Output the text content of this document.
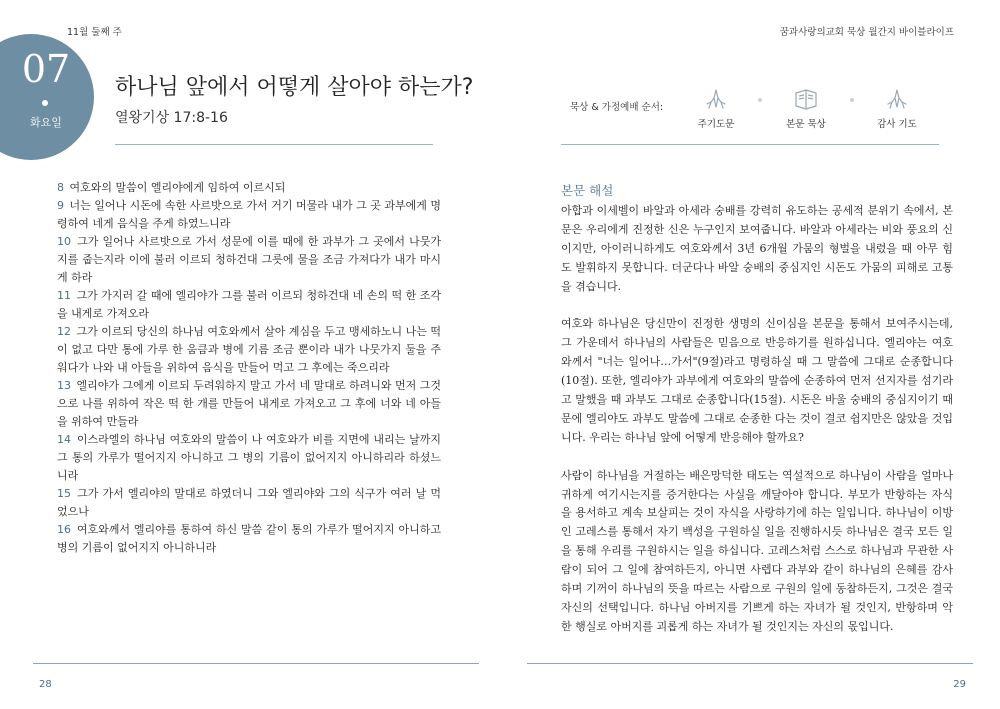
11월 둘째 주	꿈과사랑의교회 묵상 월간지 바이블라이프
07
화요일
하나님 앞에서 어떻게 살아야 하는가?
열왕기상 17:8-16
묵상 & 가정예배 순서:
주기도문	본문 묵상	감사 기도

8 여호와의 말씀이 엘리야에게 임하여 이르시되

9 너는 일어나 시돈에 속한 사르밧으로 가서 거기 머물라 내가 그 곳 과부에게 명령하여 네게 음식을 주게 하였느니라

10 그가 일어나 사르밧으로 가서 성문에 이를 때에 한 과부가 그 곳에서 나뭇가지를 줍는지라 이에 불러 이르되 청하건대 그릇에 물을 조금 가져다가 내가 마시게 하라

11 그가 가지러 갈 때에 엘리야가 그를 불러 이르되 청하건대 네 손의 떡 한 조각을 내게로 가져오라

12 그가 이르되 당신의 하나님 여호와께서 살아 계심을 두고 맹세하노니 나는 떡이 없고 다만 통에 가루 한 움큼과 병에 기름 조금 뿐이라 내가 나뭇가지 둘을 주워다가 나와 내 아들을 위하여 음식을 만들어 먹고 그 후에는 죽으리라

13 엘리야가 그에게 이르되 두려워하지 말고 가서 네 말대로 하려니와 먼저 그것으로 나를 위하여 작은 떡 한 개를 만들어 내게로 가져오고 그 후에 너와 네 아들을 위하여 만들라

14 이스라엘의 하나님 여호와의 말씀이 나 여호와가 비를 지면에 내리는 날까지 그 통의 가루가 떨어지지 아니하고 그 병의 기름이 없어지지 아니하리라 하셨느니라

15 그가 가서 엘리야의 말대로 하였더니 그와 엘리야와 그의 식구가 여러 날 먹었으나

16 여호와께서 엘리야를 통하여 하신 말씀 같이 통의 가루가 떨어지지 아니하고 병의 기름이 없어지지 아니하니라

본문 해설

아합과 이세벨이 바알과 아세라 숭배를 강력히 유도하는 공세적 분위기 속에서, 본문은 우리에게 진정한 신은 누구인지 보여줍니다. 바알과 아세라는 비와 풍요의 신이지만, 아이러니하게도 여호와께서 3년 6개월 가뭄의 형벌을 내렸을 때 아무 힘도 발휘하지 못합니다. 더군다나 바알 숭배의 중심지인 시돈도 가뭄의 피해로 고통을 겪습니다.

여호와 하나님은 당신만이 진정한 생명의 신이심을 본문을 통해서 보여주시는데, 그 가운데서 하나님의 사람들은 믿음으로 반응하기를 원하십니다. 엘리야는 여호와께서 "너는 일어나…가서"(9절)라고 명령하실 때 그 말씀에 그대로 순종합니다(10절). 또한, 엘리야가 과부에게 여호와의 말씀에 순종하여 먼저 선지자를 섬기라고 말했을 때 과부도 그대로 순종합니다(15절). 시돈은 바울 숭배의 중심지이기 때문에 엘리야도 과부도 말씀에 그대로 순종한 다는 것이 결코 쉽지만은 않았을 것입니다. 우리는 하나님 앞에 어떻게 반응해야 할까요?

사람이 하나님을 거절하는 배은망덕한 태도는 역설적으로 하나님이 사람을 얼마나 귀하게 여기시는지를 증거한다는 사실을 깨달아야 합니다. 부모가 반항하는 자식을 용서하고 계속 보살피는 것이 자식을 사랑하기에 하는 일입니다. 하나님이 이방인 고레스를 통해서 자기 백성을 구원하실 일을 진행하시듯 하나님은 결국 모든 일을 통해 우리를 구원하시는 일을 하십니다. 고레스처럼 스스로 하나님과 무관한 사람이 되어 그 일에 참여하든지, 아니면 사렙다 과부와 같이 하나님의 은혜를 감사하며 기꺼이 하나님의 뜻을 따르는 사람으로 구원의 일에 동참하든지, 그것은 결국 자신의 선택입니다. 하나님 아버지를 기쁘게 하는 자녀가 될 것인지, 반항하며 악한 행실로 아버지를 괴롭게 하는 자녀가 될 것인지는 자신의 몫입니다.

28	29
